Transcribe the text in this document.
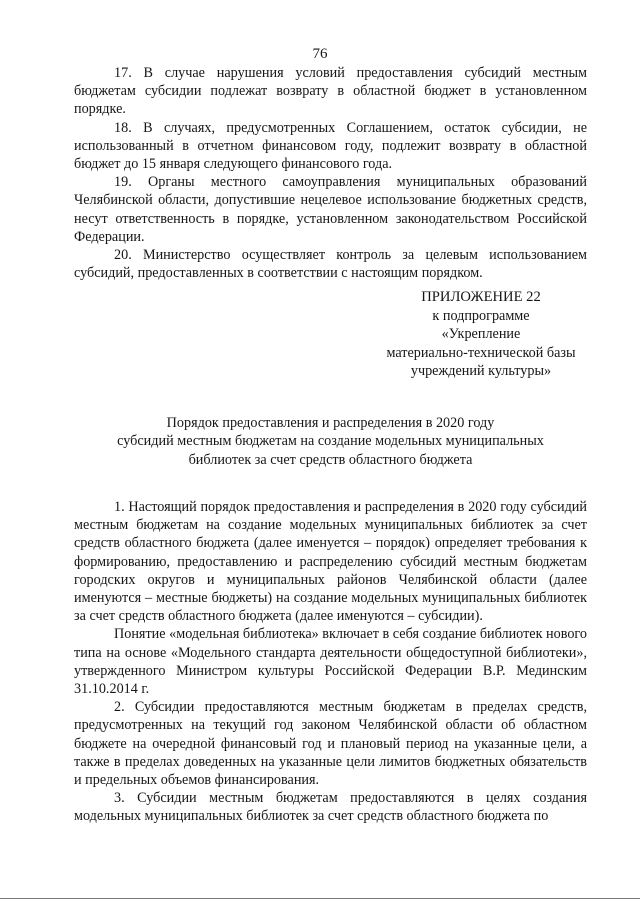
76

17. В случае нарушения условий предоставления субсидий местным бюджетам субсидии подлежат возврату в областной бюджет в установленном порядке.

18. В случаях, предусмотренных Соглашением, остаток субсидии, не использованный в отчетном финансовом году, подлежит возврату в областной бюджет до 15 января следующего финансового года.

19. Органы местного самоуправления муниципальных образований Челябинской области, допустившие нецелевое использование бюджетных средств, несут ответственность в порядке, установленном законодательством Российской Федерации.

20. Министерство осуществляет контроль за целевым использованием субсидий, предоставленных в соответствии с настоящим порядком.

ПРИЛОЖЕНИЕ 22
к подпрограмме
«Укрепление
материально-технической базы
учреждений культуры»
Порядок предоставления и распределения в 2020 году
субсидий местным бюджетам на создание модельных муниципальных
библиотек за счет средств областного бюджета

1. Настоящий порядок предоставления и распределения в 2020 году субсидий местным бюджетам на создание модельных муниципальных библиотек за счет средств областного бюджета (далее именуется – порядок) определяет требования к формированию, предоставлению и распределению субсидий местным бюджетам городских округов и муниципальных районов Челябинской области (далее именуются – местные бюджеты) на создание модельных муниципальных библиотек за счет средств областного бюджета (далее именуются – субсидии).

Понятие «модельная библиотека» включает в себя создание библиотек нового типа на основе «Модельного стандарта деятельности общедоступной библиотеки», утвержденного Министром культуры Российской Федерации В.Р. Мединским 31.10.2014 г.

2. Субсидии предоставляются местным бюджетам в пределах средств, предусмотренных на текущий год законом Челябинской области об областном бюджете на очередной финансовый год и плановый период на указанные цели, а также в пределах доведенных на указанные цели лимитов бюджетных обязательств и предельных объемов финансирования.

3. Субсидии местным бюджетам предоставляются в целях создания модельных муниципальных библиотек за счет средств областного бюджета по
